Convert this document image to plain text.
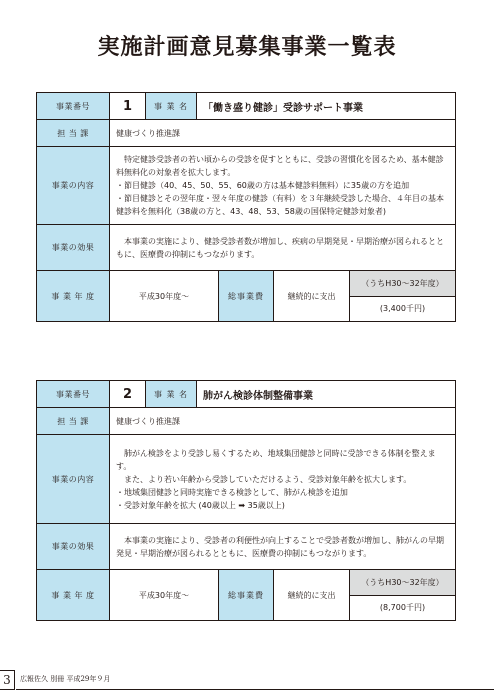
実施計画意見募集事業一覧表
事業番号	1	事 業 名	「働き盛り健診」受診サポート事業
担 当 課	健康づくり推進課
事業の内容

特定健診受診者の若い頃からの受診を促すとともに、受診の習慣化を図るため、基本健診料無料化の対象者を拡大します。

・節目健診（40、45、50、55、60歳の方は基本健診料無料）に35歳の方を追加

・節目健診とその翌年度・翌々年度の健診（有料）を３年継続受診した場合、４年目の基本健診料を無料化（38歳の方と、43、48、53、58歳の国保特定健診対象者)

事業の効果

本事業の実施により、健診受診者数が増加し、疾病の早期発見・早期治療が図られるとともに、医療費の抑制にもつながります。

事 業 年 度	平成30年度〜	総事業費	継続的に支出
（うちH30〜32年度）
(3,400千円)
事業番号	2	事 業 名	肺がん検診体制整備事業
担 当 課	健康づくり推進課
事業の内容

肺がん検診をより受診し易くするため、地域集団健診と同時に受診できる体制を整えます。

また、より若い年齢から受診していただけるよう、受診対象年齢を拡大します。

・地域集団健診と同時実施できる検診として、肺がん検診を追加

・受診対象年齢を拡大 (40歳以上 ➡ 35歳以上)

事業の効果

本事業の実施により、受診者の利便性が向上することで受診者数が増加し、肺がんの早期発見・早期治療が図られるとともに、医療費の抑制にもつながります。

事 業 年 度	平成30年度〜	総事業費	継続的に支出
（うちH30〜32年度）
(8,700千円)
3	広報佐久 別冊 平成29年９月
